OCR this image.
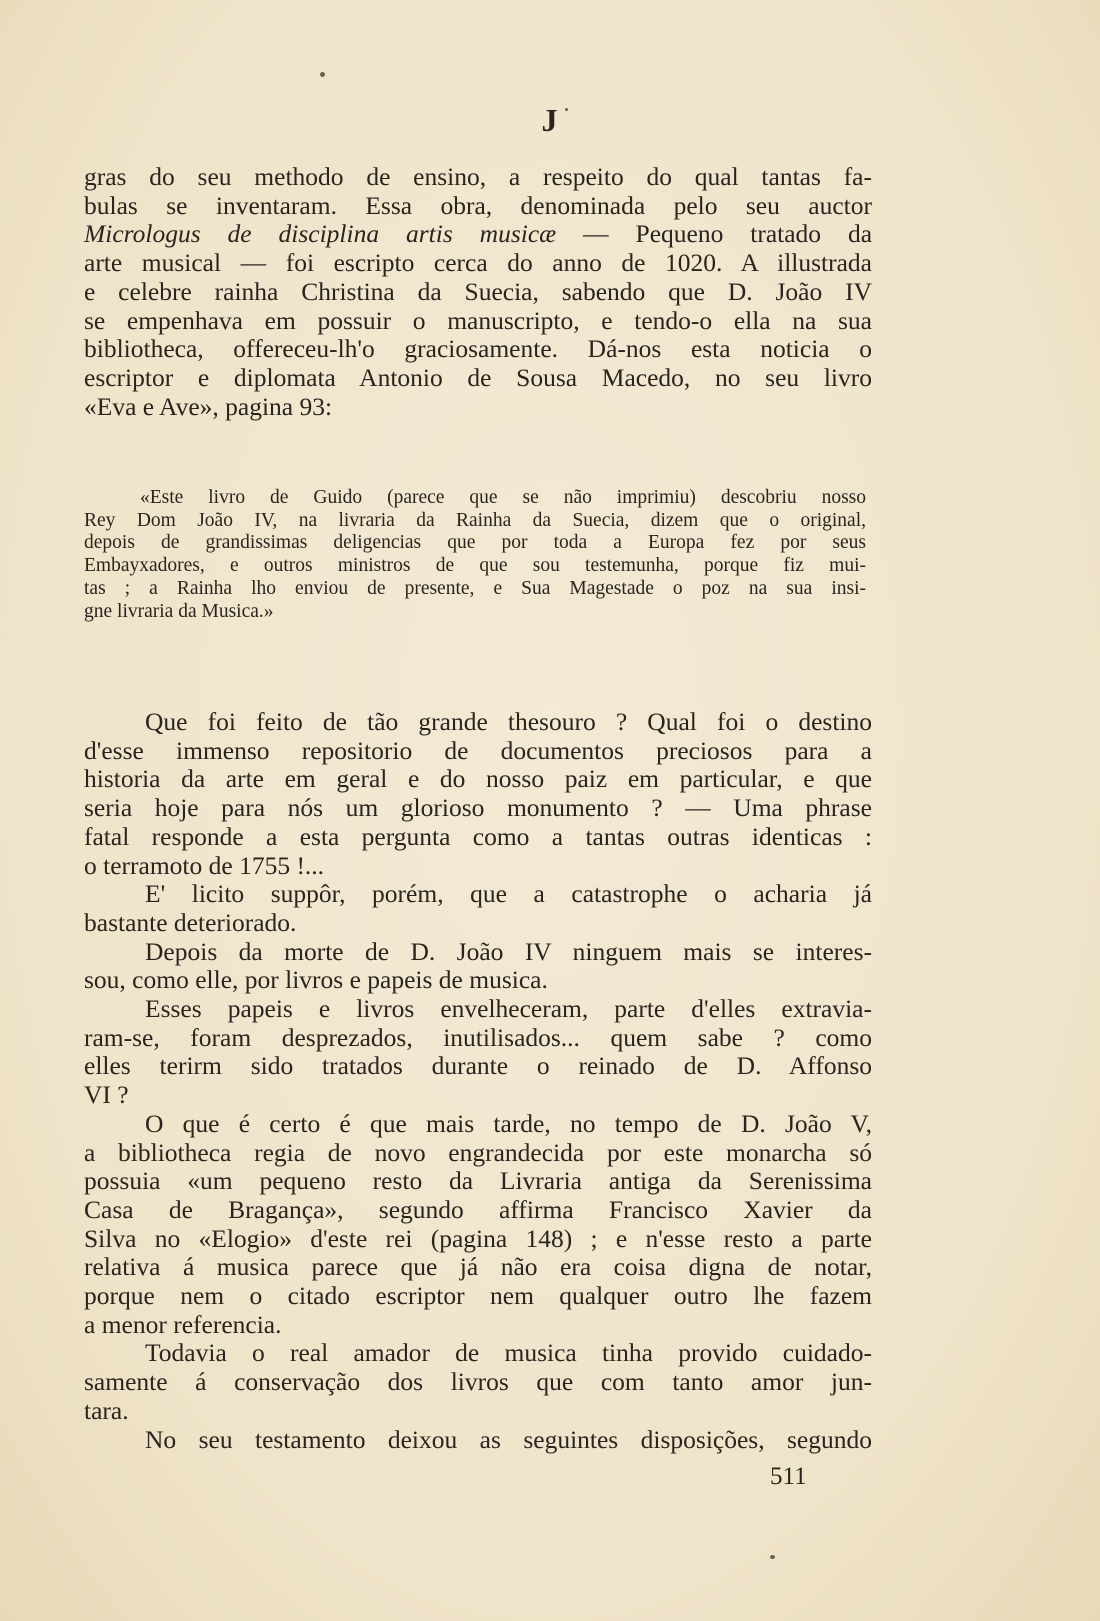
J
gras do seu methodo de ensino, a respeito do qual tantas fa-
bulas se inventaram. Essa obra, denominada pelo seu auctor
Micrologus de disciplina artis musicæ — Pequeno tratado da
arte musical — foi escripto cerca do anno de 1020. A illustrada
e celebre rainha Christina da Suecia, sabendo que D. João IV
se empenhava em possuir o manuscripto, e tendo-o ella na sua
bibliotheca, offereceu-lh'o graciosamente. Dá-nos esta noticia o
escriptor e diplomata Antonio de Sousa Macedo, no seu livro
«Eva e Ave», pagina 93:
«Este livro de Guido (parece que se não imprimiu) descobriu nosso
Rey Dom João IV, na livraria da Rainha da Suecia, dizem que o original,
depois de grandissimas deligencias que por toda a Europa fez por seus
Embayxadores, e outros ministros de que sou testemunha, porque fiz mui-
tas ; a Rainha lho enviou de presente, e Sua Magestade o poz na sua insi-
gne livraria da Musica.»
Que foi feito de tão grande thesouro ? Qual foi o destino
d'esse immenso repositorio de documentos preciosos para a
historia da arte em geral e do nosso paiz em particular, e que
seria hoje para nós um glorioso monumento ? — Uma phrase
fatal responde a esta pergunta como a tantas outras identicas :
o terramoto de 1755 !...
E' licito suppôr, porém, que a catastrophe o acharia já
bastante deteriorado.
Depois da morte de D. João IV ninguem mais se interes-
sou, como elle, por livros e papeis de musica.
Esses papeis e livros envelheceram, parte d'elles extravia-
ram-se, foram desprezados, inutilisados... quem sabe ? como
elles terirm sido tratados durante o reinado de D. Affonso
VI ?
O que é certo é que mais tarde, no tempo de D. João V,
a bibliotheca regia de novo engrandecida por este monarcha só
possuia «um pequeno resto da Livraria antiga da Serenissima
Casa de Bragança», segundo affirma Francisco Xavier da
Silva no «Elogio» d'este rei (pagina 148) ; e n'esse resto a parte
relativa á musica parece que já não era coisa digna de notar,
porque nem o citado escriptor nem qualquer outro lhe fazem
a menor referencia.
Todavia o real amador de musica tinha provido cuidado-
samente á conservação dos livros que com tanto amor jun-
tara.
No seu testamento deixou as seguintes disposições, segundo
511
